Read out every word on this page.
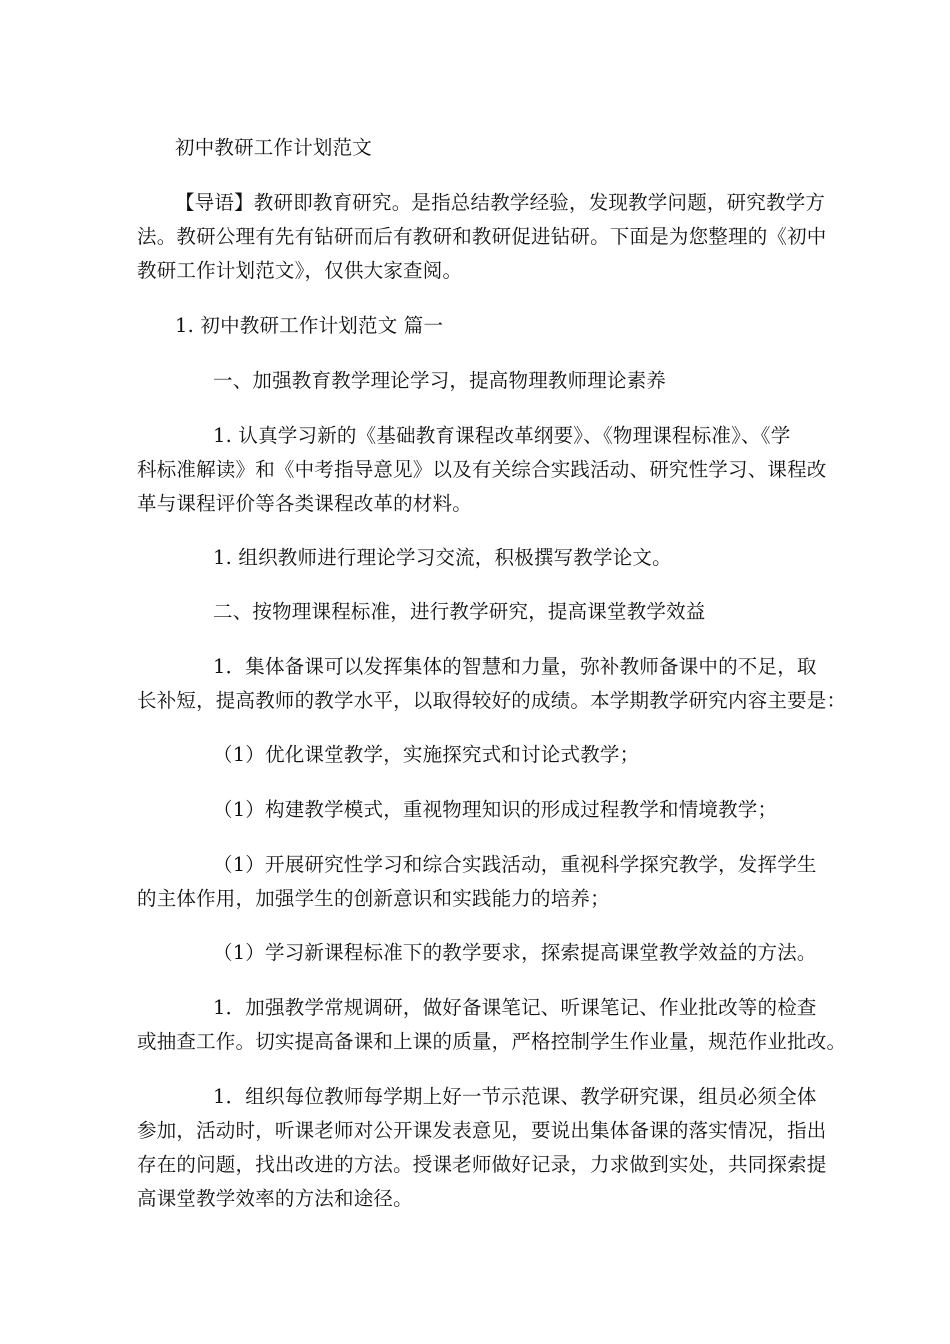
初中教研工作计划范文
【导语】教研即教育研究。是指总结教学经验，发现教学问题，研究教学方
法。教研公理有先有钻研而后有教研和教研促进钻研。下面是为您整理的《初中
教研工作计划范文》，仅供大家查阅。
1. 初中教研工作计划范文 篇一
一、加强教育教学理论学习，提高物理教师理论素养
1. 认真学习新的《基础教育课程改革纲要》、《物理课程标准》、《学
科标准解读》和《中考指导意见》以及有关综合实践活动、研究性学习、课程改
革与课程评价等各类课程改革的材料。
1. 组织教师进行理论学习交流，积极撰写教学论文。
二、按物理课程标准，进行教学研究，提高课堂教学效益
1．集体备课可以发挥集体的智慧和力量，弥补教师备课中的不足，取
长补短，提高教师的教学水平，以取得较好的成绩。本学期教学研究内容主要是：
（1）优化课堂教学，实施探究式和讨论式教学；
（1）构建教学模式，重视物理知识的形成过程教学和情境教学；
（1）开展研究性学习和综合实践活动，重视科学探究教学，发挥学生
的主体作用，加强学生的创新意识和实践能力的培养；
（1）学习新课程标准下的教学要求，探索提高课堂教学效益的方法。
1．加强教学常规调研，做好备课笔记、听课笔记、作业批改等的检查
或抽查工作。切实提高备课和上课的质量，严格控制学生作业量，规范作业批改。
1．组织每位教师每学期上好一节示范课、教学研究课，组员必须全体
参加，活动时，听课老师对公开课发表意见，要说出集体备课的落实情况，指出
存在的问题，找出改进的方法。授课老师做好记录，力求做到实处，共同探索提
高课堂教学效率的方法和途径。
